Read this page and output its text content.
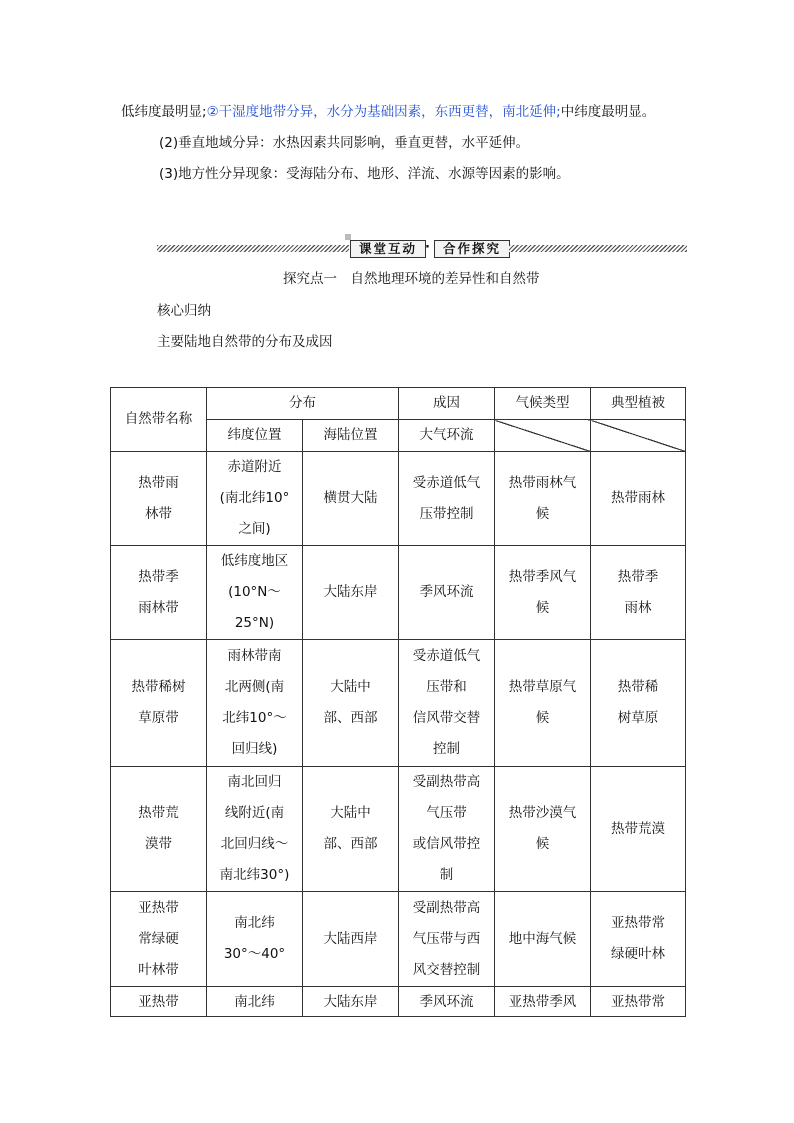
低纬度最明显;②干湿度地带分异，水分为基础因素，东西更替，南北延伸;中纬度最明显。
(2)垂直地域分异：水热因素共同影响，垂直更替，水平延伸。
(3)地方性分异现象：受海陆分布、地形、洋流、水源等因素的影响。
课堂互动 ·	合作探究
探究点一　自然地理环境的差异性和自然带
核心归纳
主要陆地自然带的分布及成因
自然带名称	分布		成因	气候类型	典型植被
	纬度位置	海陆位置	大气环流		

热带雨
林带	赤道附近
(南北纬10°
之间)	横贯大陆	受赤道低气
压带控制	热带雨林气
候	热带雨林

热带季
雨林带	低纬度地区
(10°N～
25°N)	大陆东岸	季风环流	热带季风气
候	热带季
雨林

热带稀树
草原带	雨林带南
北两侧(南
北纬10°～
回归线)	大陆中
部、西部	受赤道低气
压带和
信风带交替
控制	热带草原气
候	热带稀
树草原

热带荒
漠带	南北回归
线附近(南
北回归线～
南北纬30°)	大陆中
部、西部	受副热带高
气压带
或信风带控
制	热带沙漠气
候	热带荒漠

亚热带
常绿硬
叶林带	南北纬
30°～40°	大陆西岸	受副热带高
气压带与西
风交替控制	地中海气候	亚热带常
绿硬叶林

亚热带	南北纬	大陆东岸	季风环流	亚热带季风	亚热带常
